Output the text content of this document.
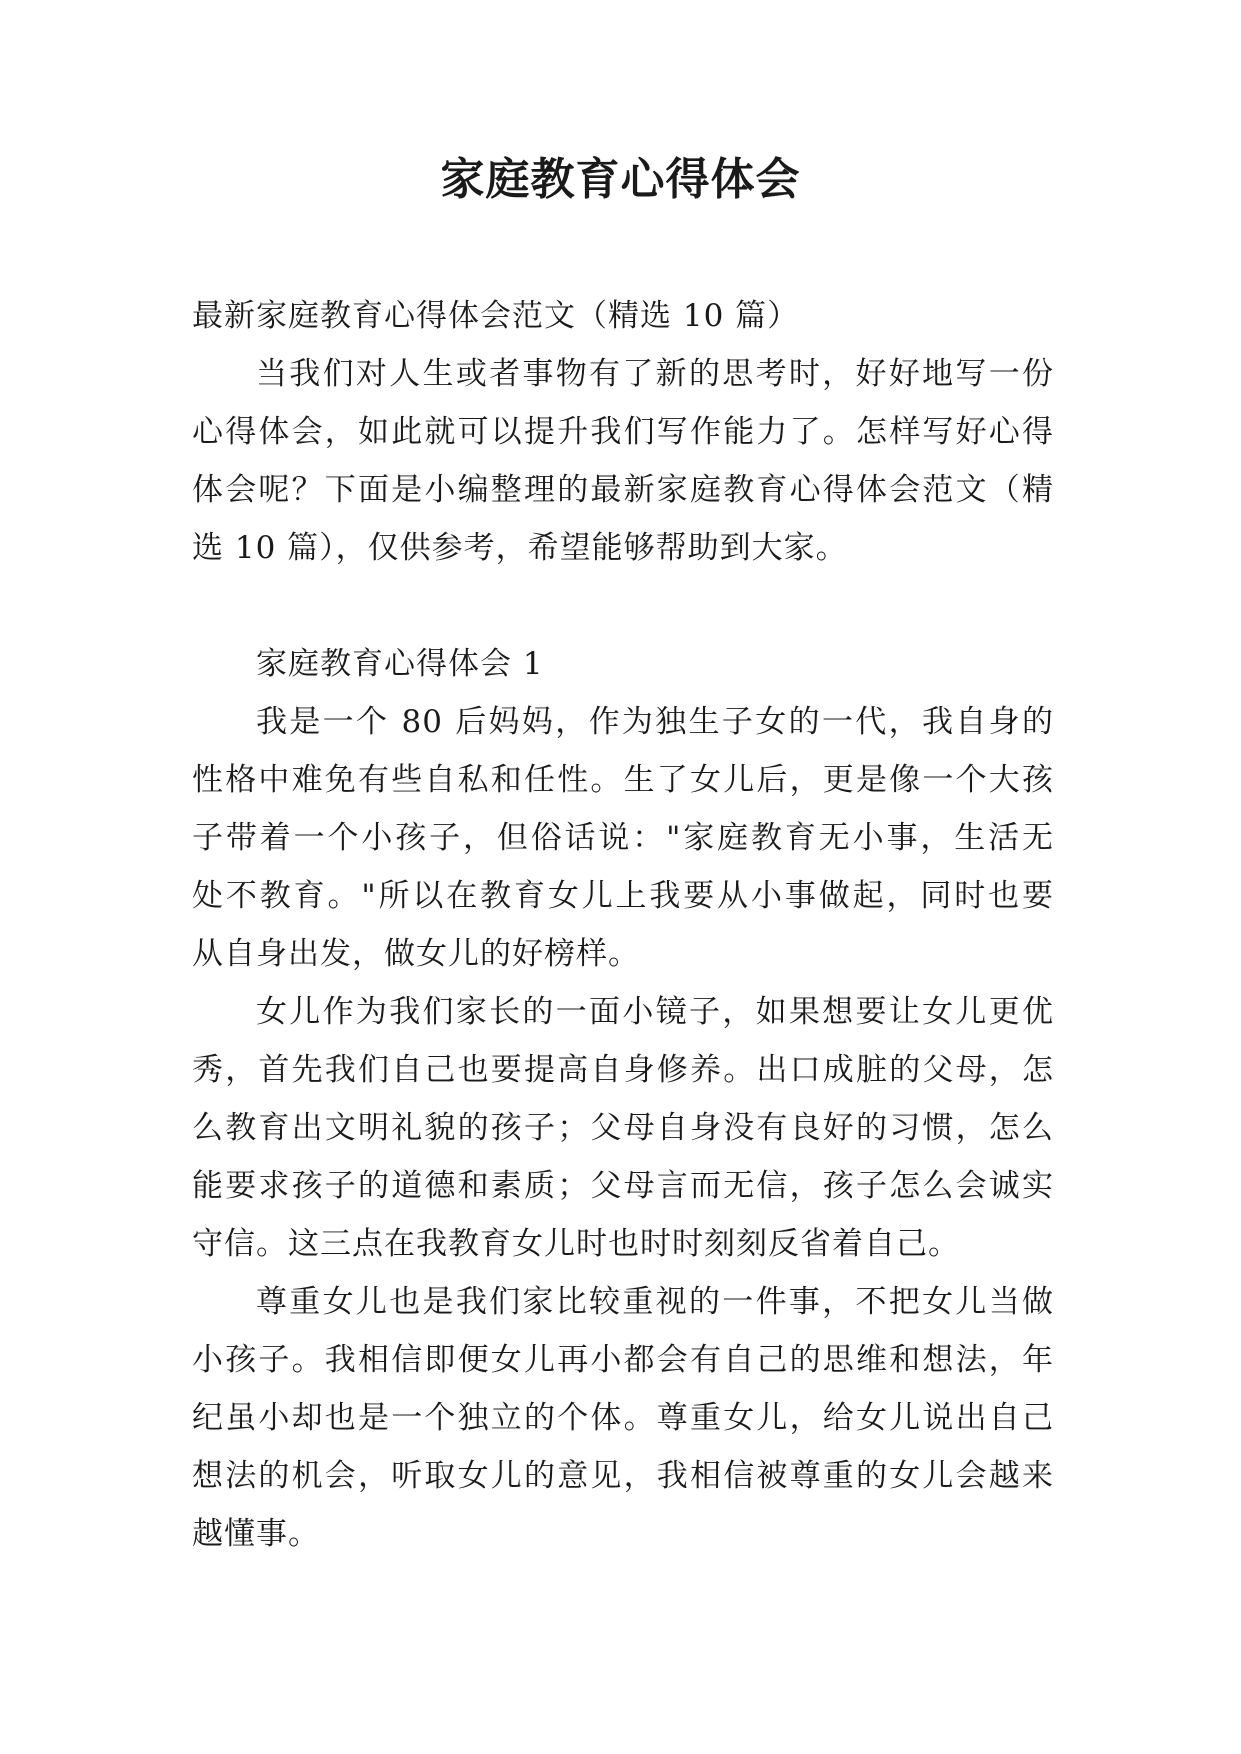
家庭教育心得体会
最新家庭教育心得体会范文（精选 10 篇）
当我们对人生或者事物有了新的思考时，好好地写一份
心得体会，如此就可以提升我们写作能力了。怎样写好心得
体会呢？下面是小编整理的最新家庭教育心得体会范文（精
选 10 篇），仅供参考，希望能够帮助到大家。
家庭教育心得体会 1
我是一个 80 后妈妈，作为独生子女的一代，我自身的
性格中难免有些自私和任性。生了女儿后，更是像一个大孩
子带着一个小孩子，但俗话说："家庭教育无小事，生活无
处不教育。"所以在教育女儿上我要从小事做起，同时也要
从自身出发，做女儿的好榜样。
女儿作为我们家长的一面小镜子，如果想要让女儿更优
秀，首先我们自己也要提高自身修养。出口成脏的父母，怎
么教育出文明礼貌的孩子；父母自身没有良好的习惯，怎么
能要求孩子的道德和素质；父母言而无信，孩子怎么会诚实
守信。这三点在我教育女儿时也时时刻刻反省着自己。
尊重女儿也是我们家比较重视的一件事，不把女儿当做
小孩子。我相信即便女儿再小都会有自己的思维和想法，年
纪虽小却也是一个独立的个体。尊重女儿，给女儿说出自己
想法的机会，听取女儿的意见，我相信被尊重的女儿会越来
越懂事。
